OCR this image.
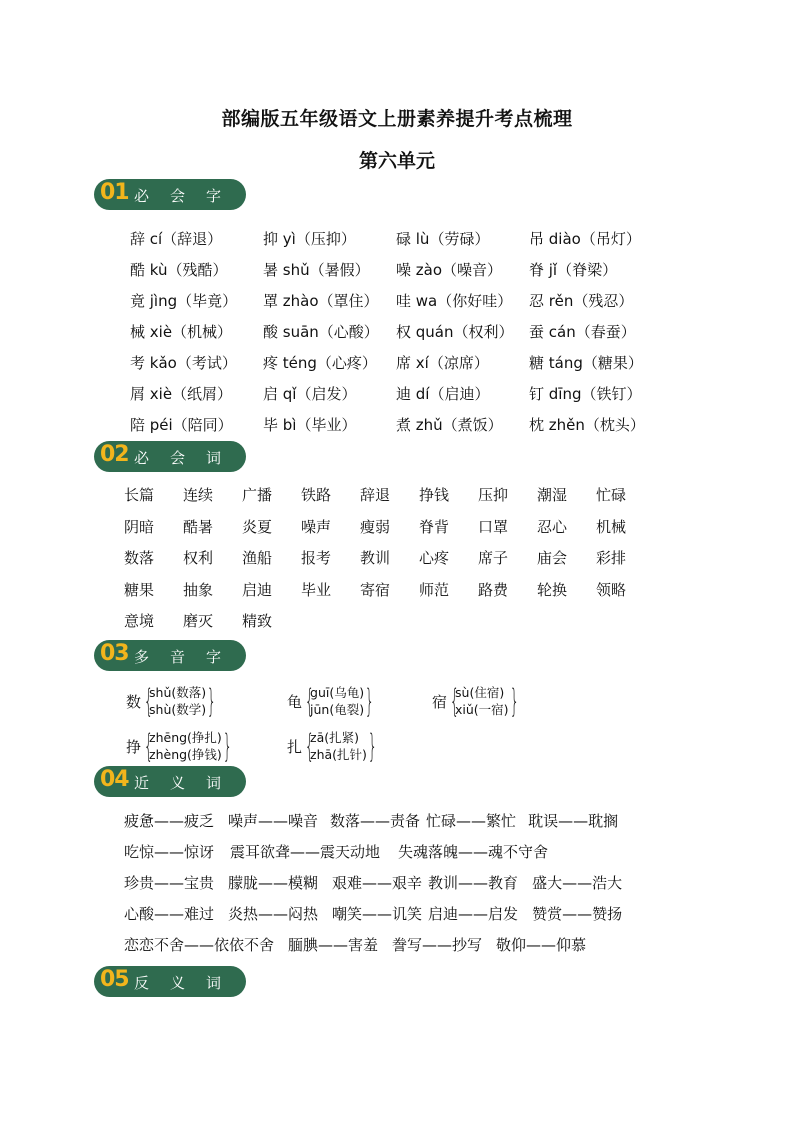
部编版五年级语文上册素养提升考点梳理
第六单元
01 必会字
辞 cí（辞退）	抑 yì（压抑）	碌 lù（劳碌）	吊 diào（吊灯）
酷 kù（残酷） 暑 shǔ（暑假） 噪 zào（噪音） 脊 jǐ（脊梁）
竟 jìng（毕竟） 罩 zhào（罩住） 哇 wa（你好哇） 忍 rěn（残忍）
械 xiè（机械） 酸 suān（心酸） 权 quán（权利） 蚕 cán（春蚕）
考 kǎo（考试） 疼 téng（心疼） 席 xí（凉席）	糖 táng（糖果）
屑 xiè（纸屑） 启 qǐ（启发）	迪 dí（启迪）	钉 dīng（铁钉）
陪 péi（陪同） 毕 bì（毕业）	煮 zhǔ（煮饭） 枕 zhěn（枕头）
02 必会词
长篇 连续 广播 铁路 辞退 挣钱 压抑 潮湿 忙碌
阴暗 酷暑 炎夏 噪声 瘦弱 脊背 口罩 忍心 机械
数落 权利 渔船 报考 教训 心疼 席子 庙会 彩排
糖果 抽象 启迪 毕业 寄宿 师范 路费 轮换 领略
意境 磨灭 精致
03 多音字
数 {
shǔ(数落)
shù(数学) }	龟 {
guī(乌龟)
jūn(龟裂) }	宿 {
sù(住宿)
xiǔ(一宿) }
挣 {
zhēng(挣扎)
zhèng(挣钱) }	扎 {
zā(扎紧)
zhā(扎针) }
04 近义词
疲惫——疲乏 噪声——噪音 数落——责备 忙碌——繁忙 耽误——耽搁
吃惊——惊讶 震耳欲聋——震天动地 失魂落魄——魂不守舍
珍贵——宝贵 朦胧——模糊 艰难——艰辛 教训——教育 盛大——浩大
心酸——难过 炎热——闷热 嘲笑——讥笑 启迪——启发 赞赏——赞扬
恋恋不舍——依依不舍 腼腆——害羞 誊写——抄写 敬仰——仰慕
05 反义词
